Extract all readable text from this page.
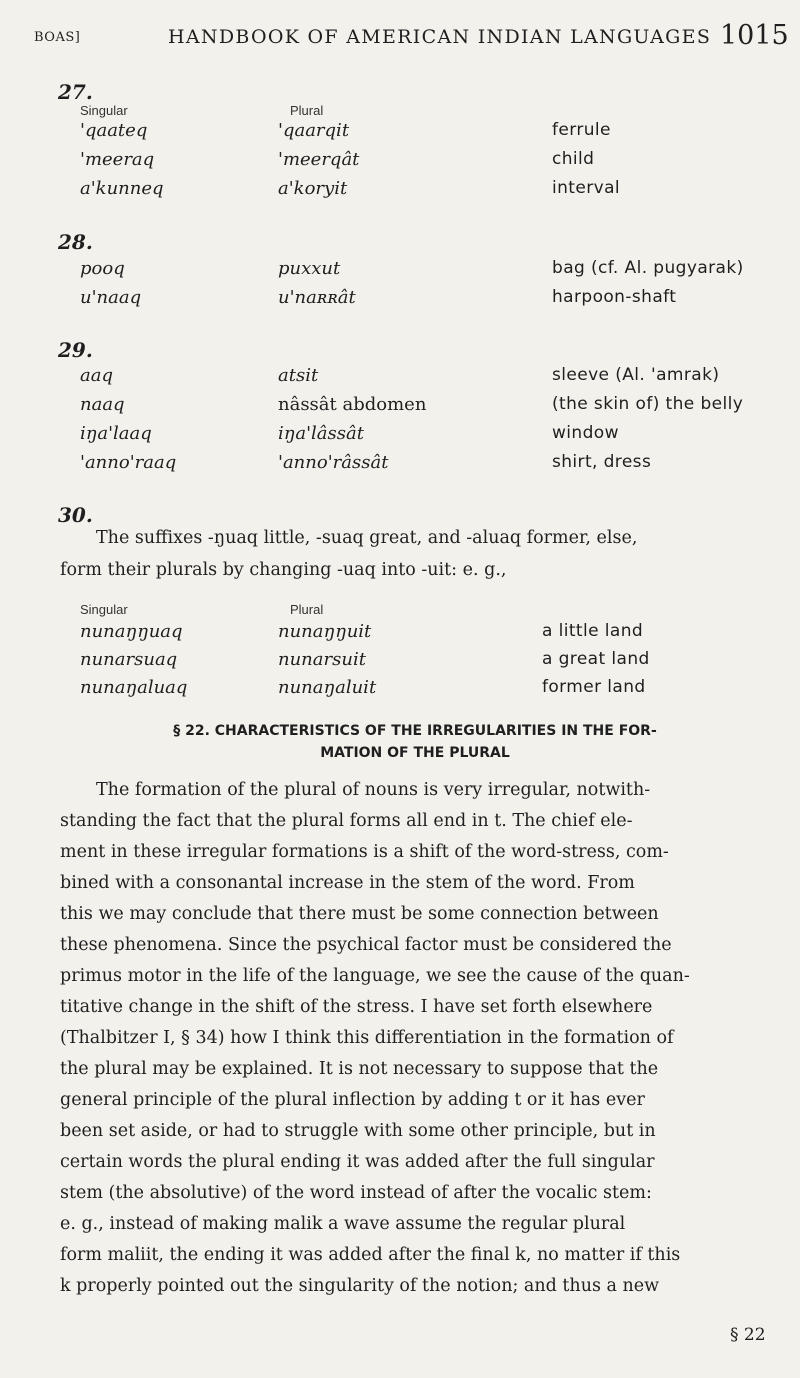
BOAS]	HANDBOOK OF AMERICAN INDIAN LANGUAGES 1015
27.
Singular	Plural
'qaateq	'qaarqit	ferrule
'meeraq	'meerqât	child
a'kunneq	a'koryit	interval
28.
pooq	puxxut	bag (cf. Al. pugyarak)
u'naaq	u'naʀʀât	harpoon-shaft
29.
aaq	atsit	sleeve (Al. 'amrak)
naaq	nâssât abdomen	(the skin of) the belly
iŋa'laaq	iŋa'lâssât	window
'anno'raaq	'anno'râssât	shirt, dress
30.

The suffixes -ŋuaq little, -suaq great, and -aluaq former, else,

form their plurals by changing -uaq into -uit: e. g.,

Singular	Plural
nunaŋŋuaq	nunaŋŋuit	a little land
nunarsuaq	nunarsuit	a great land
nunaŋaluaq	nunaŋaluit	former land

§ 22. CHARACTERISTICS OF THE IRREGULARITIES IN THE FOR-

MATION OF THE PLURAL

The formation of the plural of nouns is very irregular, notwith-

standing the fact that the plural forms all end in t. The chief ele-

ment in these irregular formations is a shift of the word-stress, com-

bined with a consonantal increase in the stem of the word. From

this we may conclude that there must be some connection between

these phenomena. Since the psychical factor must be considered the

primus motor in the life of the language, we see the cause of the quan-

titative change in the shift of the stress. I have set forth elsewhere

(Thalbitzer I, § 34) how I think this differentiation in the formation of

the plural may be explained. It is not necessary to suppose that the

general principle of the plural inflection by adding t or it has ever

been set aside, or had to struggle with some other principle, but in

certain words the plural ending it was added after the full singular

stem (the absolutive) of the word instead of after the vocalic stem:

e. g., instead of making malik a wave assume the regular plural

form maliit, the ending it was added after the final k, no matter if this

k properly pointed out the singularity of the notion; and thus a new

§ 22
